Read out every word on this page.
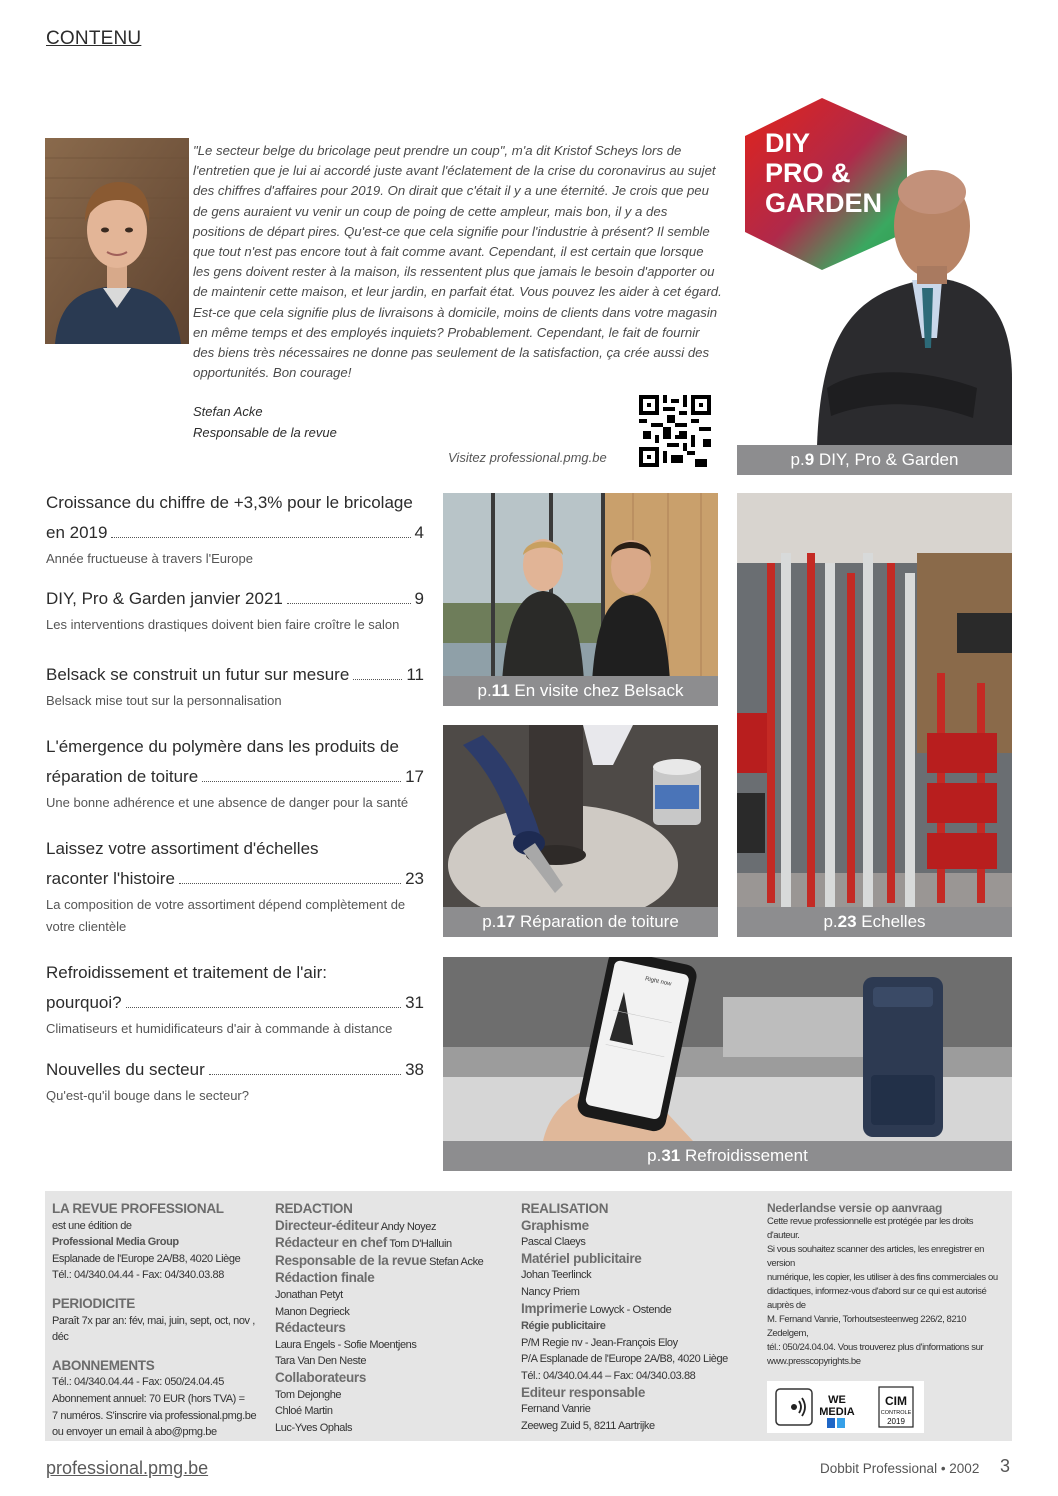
CONTENU
"Le secteur belge du bricolage peut prendre un coup", m'a dit Kristof Scheys lors de l'entretien que je lui ai accordé juste avant l'éclatement de la crise du coronavirus au sujet des chiffres d'affaires pour 2019. On dirait que c'était il y a une éternité. Je crois que peu de gens auraient vu venir un coup de poing de cette ampleur, mais bon, il y a des positions de départ pires. Qu'est-ce que cela signifie pour l'industrie à présent? Il semble que tout n'est pas encore tout à fait comme avant. Cependant, il est certain que lorsque les gens doivent rester à la maison, ils ressentent plus que jamais le besoin d'apporter ou de maintenir cette maison, et leur jardin, en parfait état. Vous pouvez les aider à cet égard. Est-ce que cela signifie plus de livraisons à domicile, moins de clients dans votre magasin en même temps et des employés inquiets? Probablement. Cependant, le fait de fournir des biens très nécessaires ne donne pas seulement de la satisfaction, ça crée aussi des opportunités. Bon courage!
Stefan Acke
Responsable de la revue
Visitez professional.pmg.be
DIY
PRO &
GARDEN
p.9 DIY, Pro & Garden
Croissance du chiffre de +3,3% pour le bricolage
en 2019	4
Année fructueuse à travers l'Europe
DIY, Pro & Garden janvier 2021	9
Les interventions drastiques doivent bien faire croître le salon
Belsack se construit un futur sur mesure	11
Belsack mise tout sur la personnalisation
L'émergence du polymère dans les produits de
réparation de toiture	17
Une bonne adhérence et une absence de danger pour la santé
Laissez votre assortiment d'échelles
raconter l'histoire	23
La composition de votre assortiment dépend complètement de votre clientèle
Refroidissement et traitement de l'air:
pourquoi?	31
Climatiseurs et humidificateurs d'air à commande à distance
Nouvelles du secteur	38
Qu'est-qu'il bouge dans le secteur?
p.11 En visite chez Belsack
p.17 Réparation de toiture	p.23 Echelles
Right now
p.31 Refroidissement
LA REVUE PROFESSIONAL
est une édition de
Professional Media Group
Esplanade de l'Europe 2A/B8, 4020 Liège
Tél.: 04/340.04.44 - Fax: 04/340.03.88
PERIODICITE
Paraît 7x par an: fév, mai, juin, sept, oct, nov , déc
ABONNEMENTS
Tél.: 04/340.04.44 - Fax: 050/24.04.45
Abonnement annuel: 70 EUR (hors TVA) =
7 numéros. S'inscrire via professional.pmg.be
ou envoyer un email à abo@pmg.be
REDACTION
Directeur-éditeur Andy Noyez
Rédacteur en chef Tom D'Halluin
Responsable de la revue Stefan Acke
Rédaction finale
Jonathan Petyt
Manon Degrieck
Rédacteurs
Laura Engels - Sofie Moentjens
Tara Van Den Neste
Collaborateurs
Tom Dejonghe
Chloé Martin
Luc-Yves Ophals
REALISATION
Graphisme
Pascal Claeys
Matériel publicitaire
Johan Teerlinck
Nancy Priem
Imprimerie Lowyck - Ostende
Régie publicitaire
P/M Regie nv - Jean-François Eloy
P/A Esplanade de l'Europe 2A/B8, 4020 Liège
Tél.: 04/340.04.44 – Fax: 04/340.03.88
Editeur responsable
Fernand Vanrie
Zeeweg Zuid 5, 8211 Aartrijke
Nederlandse versie op aanvraag
Cette revue professionnelle est protégée par les droits d'auteur.
Si vous souhaitez scanner des articles, les enregistrer en version
numérique, les copier, les utiliser à des fins commerciales ou
didactiques, informez-vous d'abord sur ce qui est autorisé auprès de
M. Fernand Vanrie, Torhoutsesteenweg 226/2, 8210 Zedelgem,
tél.: 050/24.04.04. Vous trouverez plus d'informations sur
www.presscopyrights.be
WE
MEDIA
CIM
CONTROLE
2019
professional.pmg.be	Dobbit Professional • 2002 3
